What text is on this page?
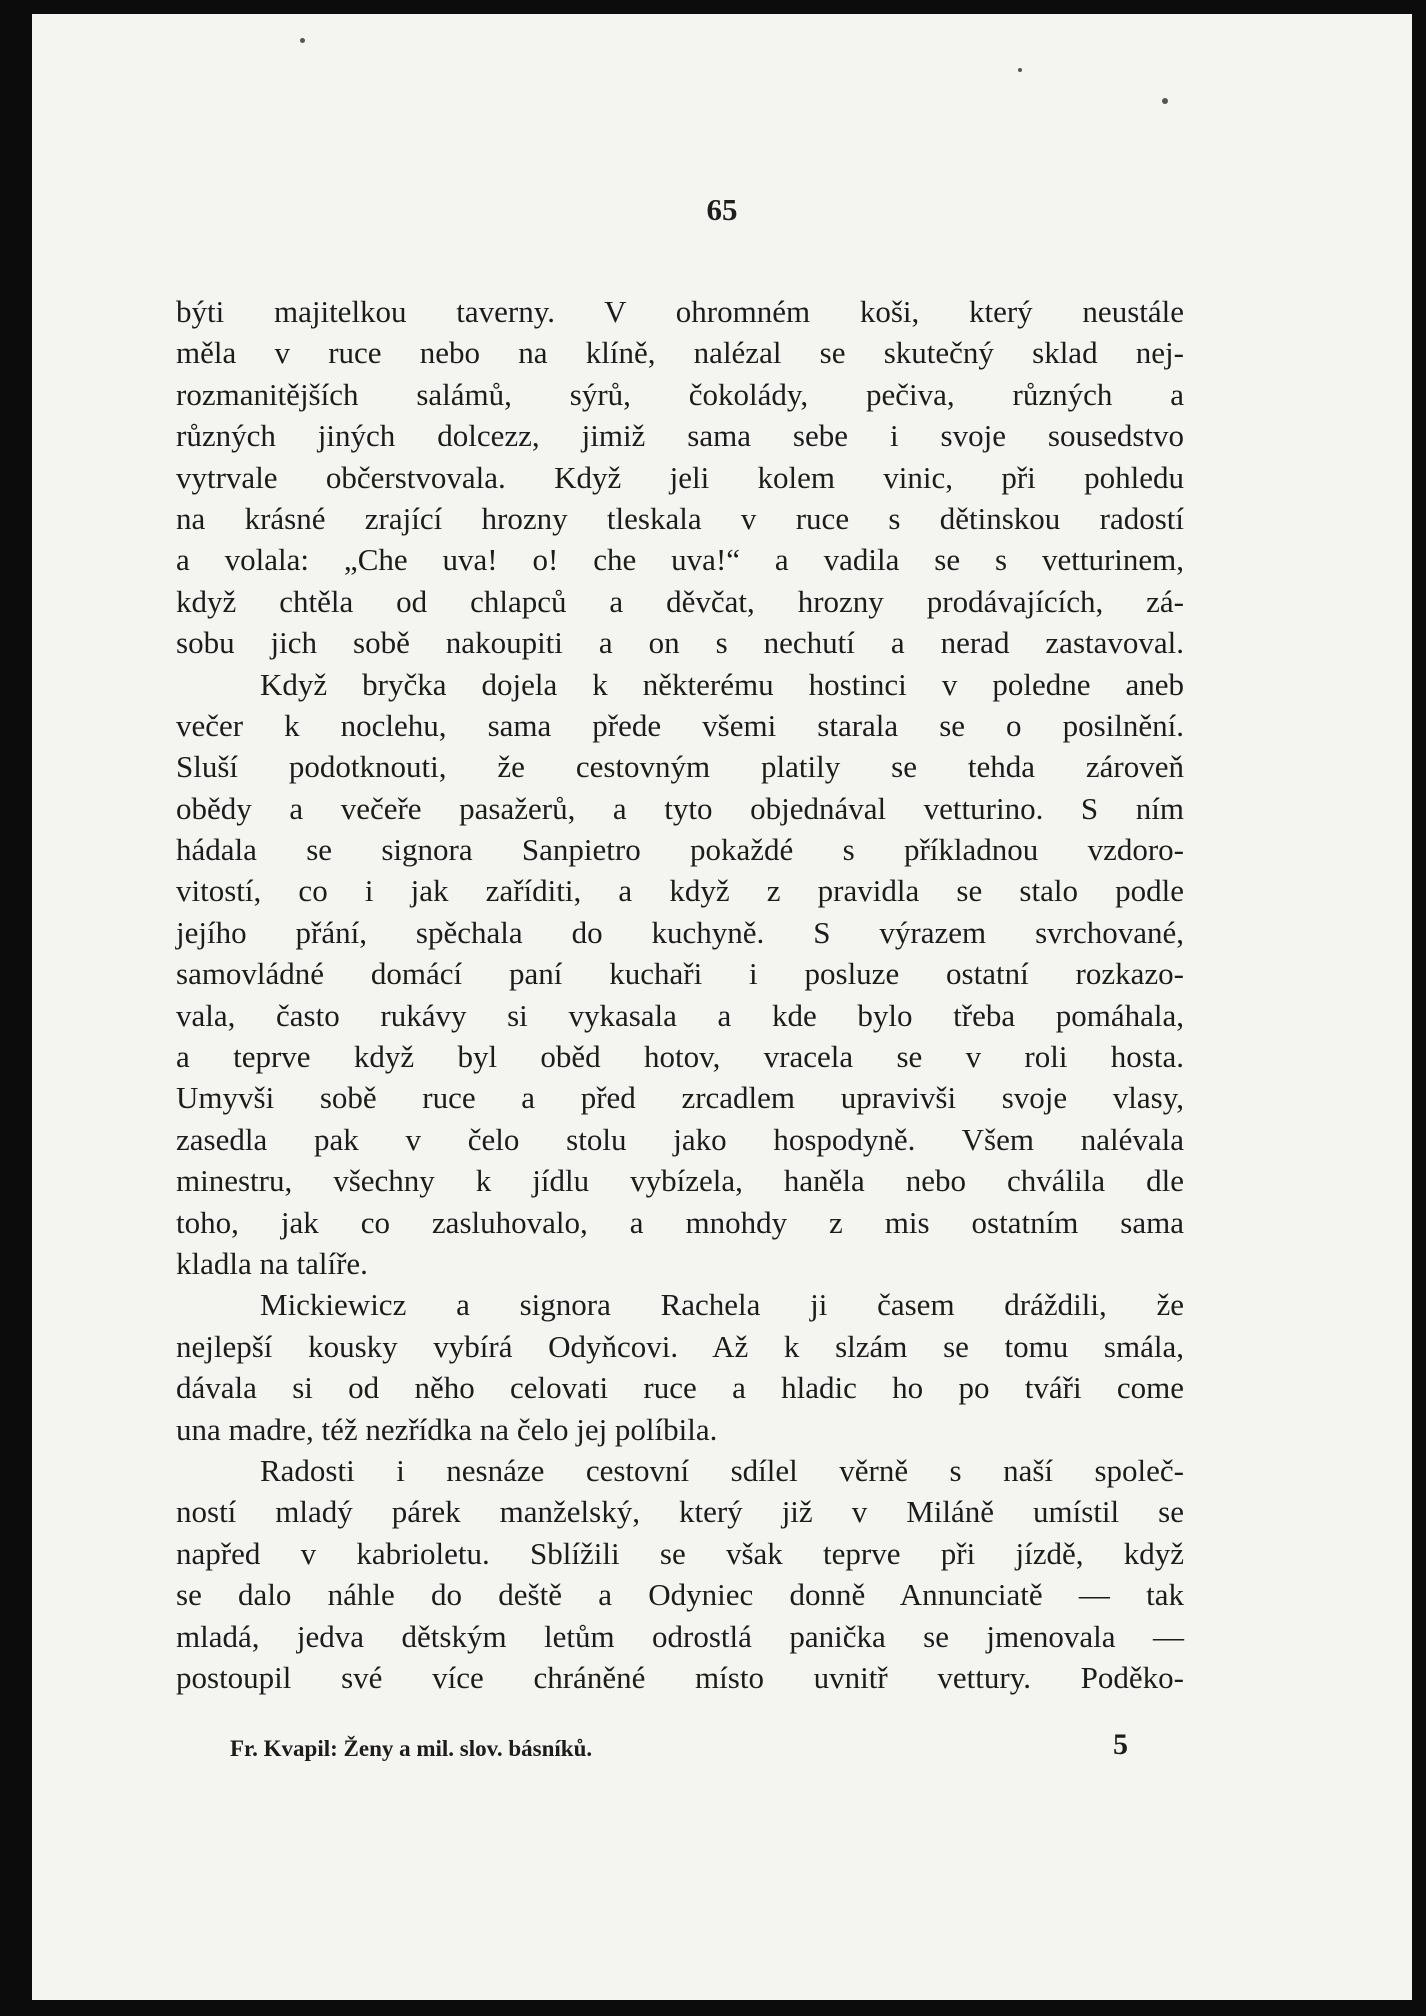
65
býti majitelkou taverny. V ohromném koši, který neustále
měla v ruce nebo na klíně, nalézal se skutečný sklad nej-
rozmanitějších salámů, sýrů, čokolády, pečiva, různých a
různých jiných dolcezz, jimiž sama sebe i svoje sousedstvo
vytrvale občerstvovala. Když jeli kolem vinic, při pohledu
na krásné zrající hrozny tleskala v ruce s dětinskou radostí
a volala: „Che uva! o! che uva!“ a vadila se s vetturinem,
když chtěla od chlapců a děvčat, hrozny prodávajících, zá-
sobu jich sobě nakoupiti a on s nechutí a nerad zastavoval.
Když bryčka dojela k některému hostinci v poledne aneb
večer k noclehu, sama přede všemi starala se o posilnění.
Sluší podotknouti, že cestovným platily se tehda zároveň
obědy a večeře pasažerů, a tyto objednával vetturino. S ním
hádala se signora Sanpietro pokaždé s příkladnou vzdoro-
vitostí, co i jak zaříditi, a když z pravidla se stalo podle
jejího přání, spěchala do kuchyně. S výrazem svrchované,
samovládné domácí paní kuchaři i posluze ostatní rozkazo-
vala, často rukávy si vykasala a kde bylo třeba pomáhala,
a teprve když byl oběd hotov, vracela se v roli hosta.
Umyvši sobě ruce a před zrcadlem upravivši svoje vlasy,
zasedla pak v čelo stolu jako hospodyně. Všem nalévala
minestru, všechny k jídlu vybízela, haněla nebo chválila dle
toho, jak co zasluhovalo, a mnohdy z mis ostatním sama
kladla na talíře.
Mickiewicz a signora Rachela ji časem dráždili, že
nejlepší kousky vybírá Odyňcovi. Až k slzám se tomu smála,
dávala si od něho celovati ruce a hladic ho po tváři come
una madre, též nezřídka na čelo jej políbila.
Radosti i nesnáze cestovní sdílel věrně s naší společ-
ností mladý párek manželský, který již v Miláně umístil se
napřed v kabrioletu. Sblížili se však teprve při jízdě, když
se dalo náhle do deště a Odyniec donně Annunciatě — tak
mladá, jedva dětským letům odrostlá panička se jmenovala —
postoupil své více chráněné místo uvnitř vettury. Poděko-
Fr. Kvapil: Ženy a mil. slov. básníků.	5
